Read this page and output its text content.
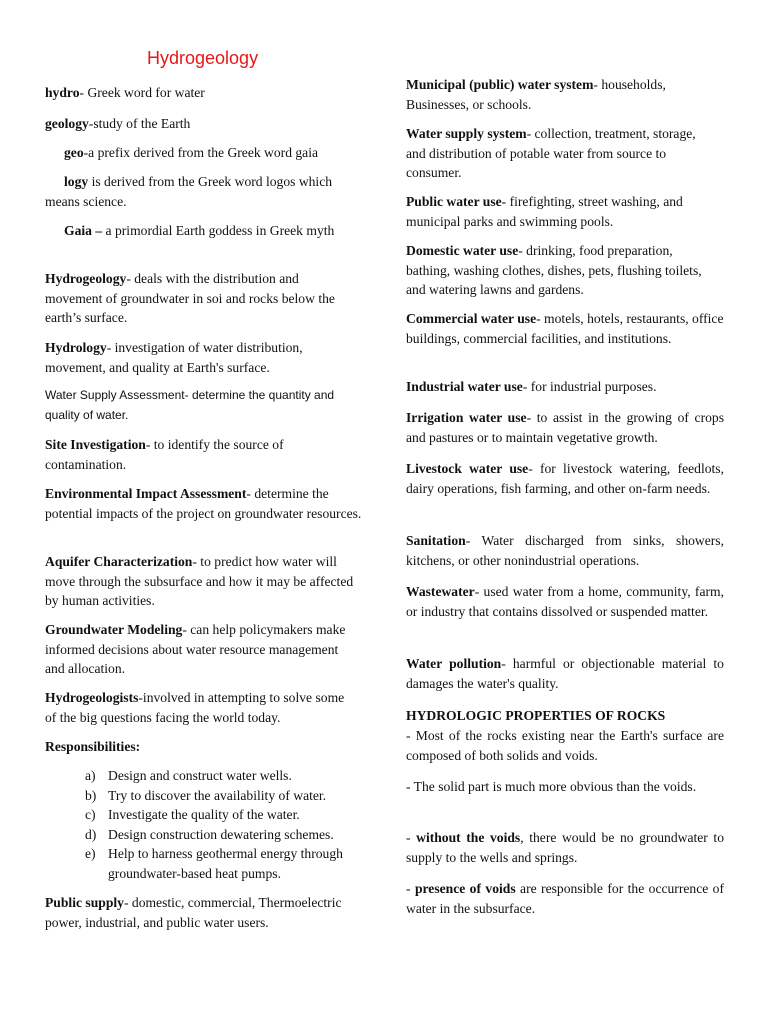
Hydrogeology

hydro- Greek word for water

geology-study of the Earth

geo-a prefix derived from the Greek word gaia

logy is derived from the Greek word logos which means science.

Gaia – a primordial Earth goddess in Greek myth

Hydrogeology- deals with the distribution and movement of groundwater in soi and rocks below the earth’s surface.

Hydrology- investigation of water distribution, movement, and quality at Earth's surface.

Water Supply Assessment- determine the quantity and quality of water.

Site Investigation- to identify the source of contamination.

Environmental Impact Assessment- determine the potential impacts of the project on groundwater resources.

Aquifer Characterization- to predict how water will move through the subsurface and how it may be affected by human activities.

Groundwater Modeling- can help policymakers make informed decisions about water resource management and allocation.

Hydrogeologists-involved in attempting to solve some of the big questions facing the world today.

Responsibilities:

a) Design and construct water wells.
b) Try to discover the availability of water.
c) Investigate the quality of the water.
d) Design construction dewatering schemes.
e) Help to harness geothermal energy through groundwater-based heat pumps.

Public supply- domestic, commercial, Thermoelectric power, industrial, and public water users.

Municipal (public) water system- households, Businesses, or schools.

Water supply system- collection, treatment, storage, and distribution of potable water from source to consumer.

Public water use- firefighting, street washing, and municipal parks and swimming pools.

Domestic water use- drinking, food preparation, bathing, washing clothes, dishes, pets, flushing toilets, and watering lawns and gardens.

Commercial water use- motels, hotels, restaurants, office buildings, commercial facilities, and institutions.

Industrial water use- for industrial purposes.

Irrigation water use- to assist in the growing of crops and pastures or to maintain vegetative growth.

Livestock water use- for livestock watering, feedlots, dairy operations, fish farming, and other on-farm needs.

Sanitation- Water discharged from sinks, showers, kitchens, or other nonindustrial operations.

Wastewater- used water from a home, community, farm, or industry that contains dissolved or suspended matter.

Water pollution- harmful or objectionable material to damages the water's quality.

HYDROLOGIC PROPERTIES OF ROCKS

- Most of the rocks existing near the Earth's surface are composed of both solids and voids.

- The solid part is much more obvious than the voids.

- without the voids, there would be no groundwater to supply to the wells and springs.

- presence of voids are responsible for the occurrence of water in the subsurface.
